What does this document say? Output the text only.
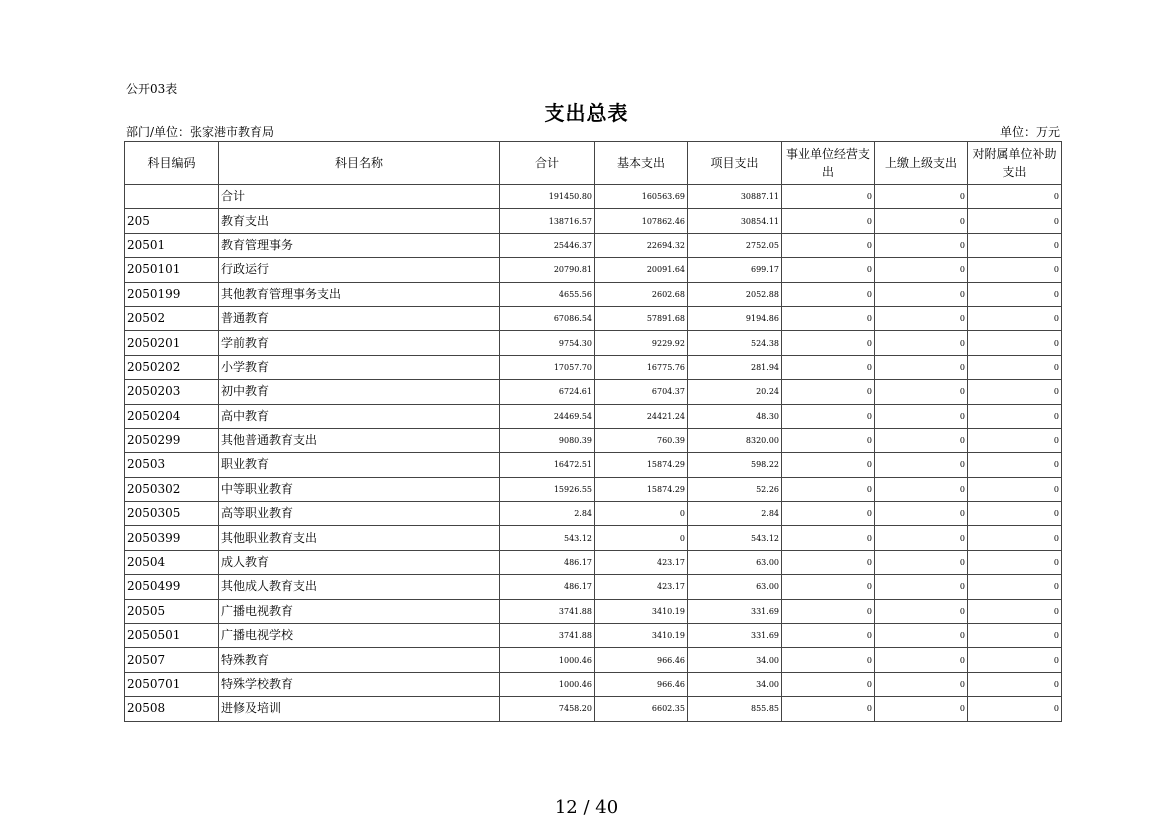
公开03表
支出总表
部门/单位：张家港市教育局	单位：万元
科目编码	科目名称	合计	基本支出	项目支出	事业单位经营支出	上缴上级支出	对附属单位补助支出
	合计	191450.80	160563.69	30887.11	0	0	0
205	教育支出	138716.57	107862.46	30854.11	0	0	0
20501	教育管理事务	25446.37	22694.32	2752.05	0	0	0
2050101	行政运行	20790.81	20091.64	699.17	0	0	0
2050199	其他教育管理事务支出	4655.56	2602.68	2052.88	0	0	0
20502	普通教育	67086.54	57891.68	9194.86	0	0	0
2050201	学前教育	9754.30	9229.92	524.38	0	0	0
2050202	小学教育	17057.70	16775.76	281.94	0	0	0
2050203	初中教育	6724.61	6704.37	20.24	0	0	0
2050204	高中教育	24469.54	24421.24	48.30	0	0	0
2050299	其他普通教育支出	9080.39	760.39	8320.00	0	0	0
20503	职业教育	16472.51	15874.29	598.22	0	0	0
2050302	中等职业教育	15926.55	15874.29	52.26	0	0	0
2050305	高等职业教育	2.84	0	2.84	0	0	0
2050399	其他职业教育支出	543.12	0	543.12	0	0	0
20504	成人教育	486.17	423.17	63.00	0	0	0
2050499	其他成人教育支出	486.17	423.17	63.00	0	0	0
20505	广播电视教育	3741.88	3410.19	331.69	0	0	0
2050501	广播电视学校	3741.88	3410.19	331.69	0	0	0
20507	特殊教育	1000.46	966.46	34.00	0	0	0
2050701	特殊学校教育	1000.46	966.46	34.00	0	0	0
20508	进修及培训	7458.20	6602.35	855.85	0	0	0
12 / 40
